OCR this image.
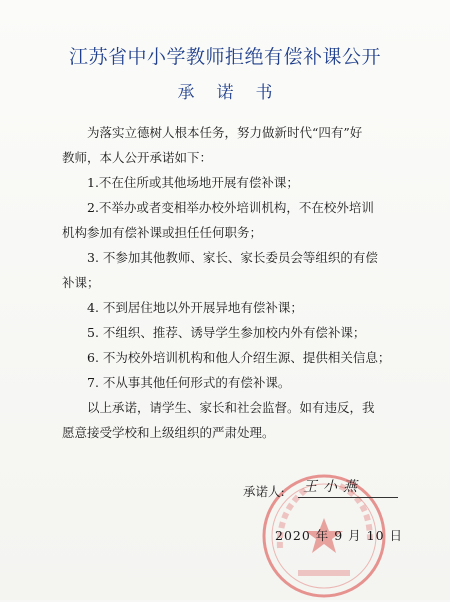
江苏省中小学教师拒绝有偿补课公开
承诺书

为落实立德树人根本任务，努力做新时代“四有”好

教师，本人公开承诺如下：

1.不在住所或其他场地开展有偿补课；

2.不举办或者变相举办校外培训机构，不在校外培训

机构参加有偿补课或担任任何职务；

3. 不参加其他教师、家长、家长委员会等组织的有偿

补课；

4. 不到居住地以外开展异地有偿补课；

5. 不组织、推荐、诱导学生参加校内外有偿补课；

6. 不为校外培训机构和他人介绍生源、提供相关信息；

7. 不从事其他任何形式的有偿补课。

以上承诺，请学生、家长和社会监督。如有违反，我

愿意接受学校和上级组织的严肃处理。

承诺人: 王小燕
2020 年 9 月 10 日
